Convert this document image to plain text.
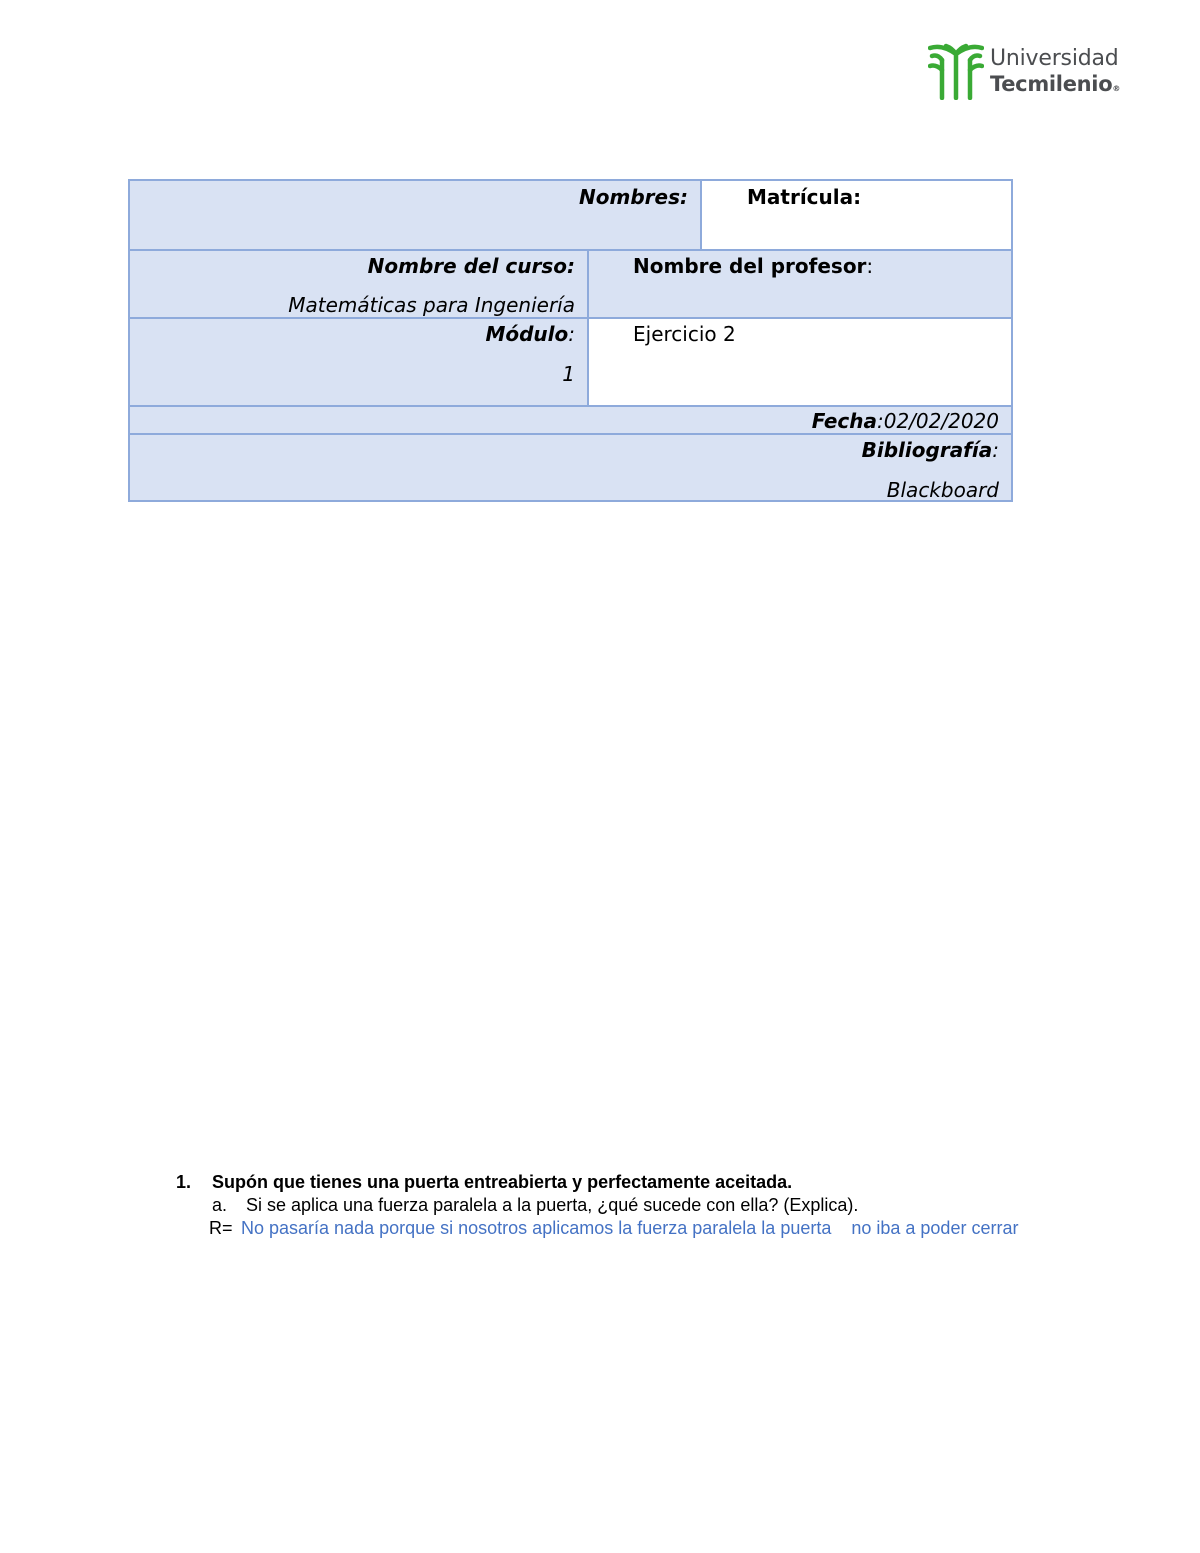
Universidad
Tecmilenio®
Nombres:	Matrícula:
Nombre del curso:
Matemáticas para Ingeniería
Nombre del profesor:
Módulo:
1
Ejercicio 2
Fecha:02/02/2020
Bibliografía:
Blackboard
1. Supón que tienes una puerta entreabierta y perfectamente aceitada.
a. Si se aplica una fuerza paralela a la puerta, ¿qué sucede con ella? (Explica).
R= No pasaría nada porque si nosotros aplicamos la fuerza paralela la puerta    no iba a poder cerrar
